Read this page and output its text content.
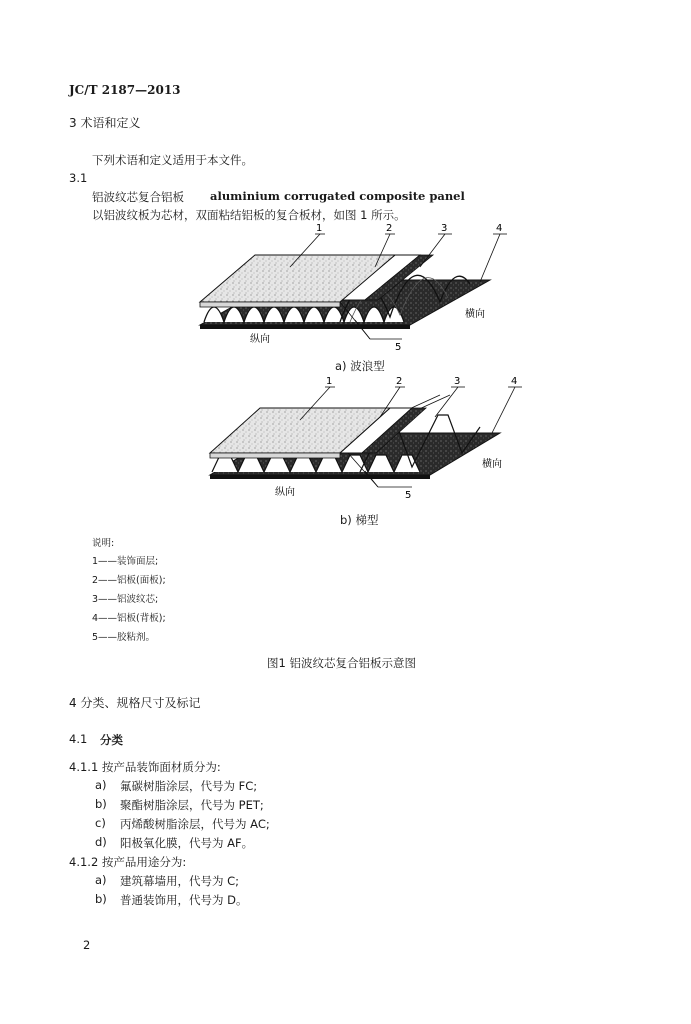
JC/T 2187—2013
3 术语和定义
下列术语和定义适用于本文件。
3.1
铝波纹芯复合铝板 aluminium corrugated composite panel
以铝波纹板为芯材，双面粘结铝板的复合板材，如图 1 所示。
1	2	3	4
5
纵向
横向
a) 波浪型
1	2	3	4
5
纵向
横向
b) 梯型
说明:
1——装饰面层;
2——铝板(面板);
3——铝波纹芯;
4——铝板(背板);
5——胶粘剂。
图1 铝波纹芯复合铝板示意图
4 分类、规格尺寸及标记
4.1 分类
4.1.1 按产品装饰面材质分为:
a) 氟碳树脂涂层，代号为 FC;
b) 聚酯树脂涂层，代号为 PET;
c) 丙烯酸树脂涂层，代号为 AC;
d) 阳极氧化膜，代号为 AF。
4.1.2 按产品用途分为:
a) 建筑幕墙用，代号为 C;
b) 普通装饰用，代号为 D。
2
